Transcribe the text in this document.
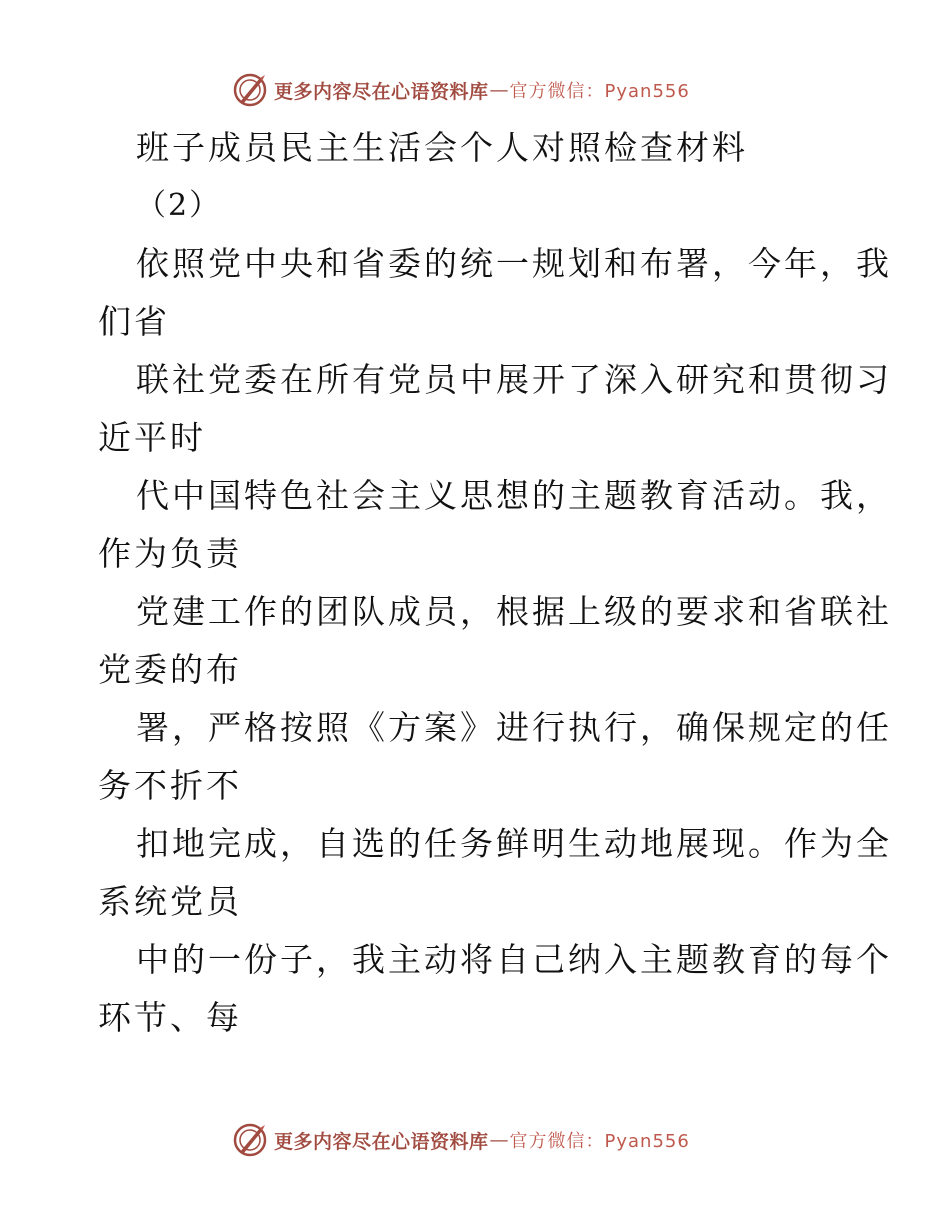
更多内容尽在心语资料库 — 官方微信：Pyan556

班子成员民主生活会个人对照检查材料

（2）

依照党中央和省委的统一规划和布署，今年，我

们省

联社党委在所有党员中展开了深入研究和贯彻习

近平时

代中国特色社会主义思想的主题教育活动。我，

作为负责

党建工作的团队成员，根据上级的要求和省联社

党委的布

署，严格按照《方案》进行执行，确保规定的任

务不折不

扣地完成，自选的任务鲜明生动地展现。作为全

系统党员

中的一份子，我主动将自己纳入主题教育的每个

环节、每

更多内容尽在心语资料库 — 官方微信：Pyan556
